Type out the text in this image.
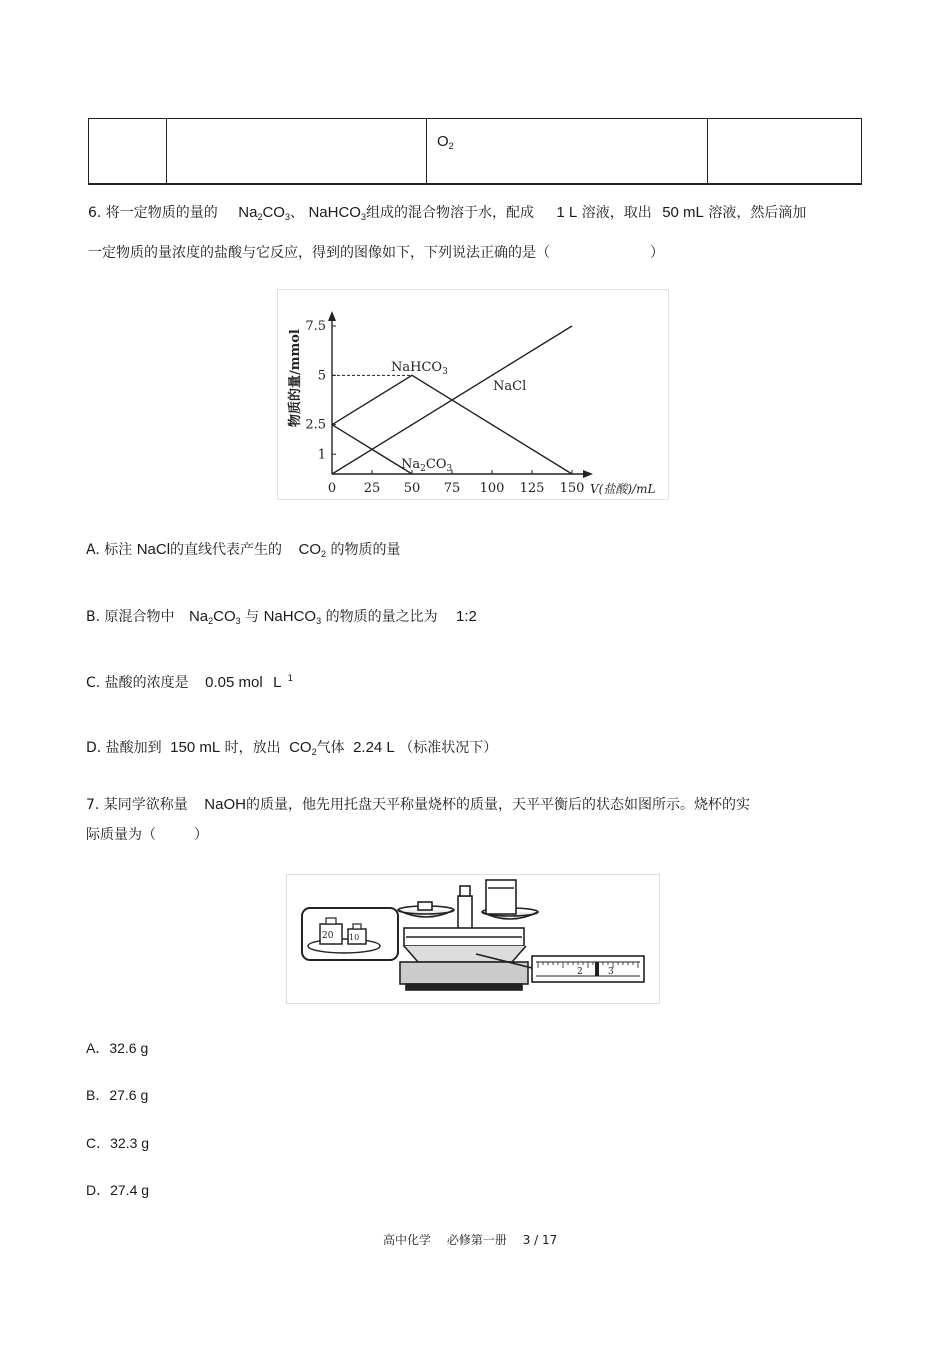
$O_2$
6. 将一定物质的量的 $Na_2CO_3$、 NaHCO$_3$组成的混合物溶于水，配成 1 L 溶液，取出 50 mL 溶液，然后滴加
一定物质的量浓度的盐酸与它反应，得到的图像如下，下列说法正确的是（	）
0 25 50 75 100 125 150
1
2.5
5
7.5
NaHCO$_3$
NaCl
$Na_2CO_3$
V(盐酸)/mL
物质的量/mmol
A. 标注 NaCl的直线代表产生的 $CO_2$ 的物质的量
B. 原混合物中 $Na_2CO_3$ 与 NaHCO$_3$ 的物质的量之比为 1:2
C. 盐酸的浓度是 0.05 mol L $^1$
D. 盐酸加到 150 mL 时，放出 $CO_2$气体 2.24 L （标准状况下）
7. 某同学欲称量 NaOH的质量，他先用托盘天平称量烧杯的质量，天平平衡后的状态如图所示。烧杯的实
际质量为（	）
20 10
2	3
A．32.6 g
B．27.6 g
C．32.3 g
D．27.4 g
高中化学 必修第一册 3 / 17
